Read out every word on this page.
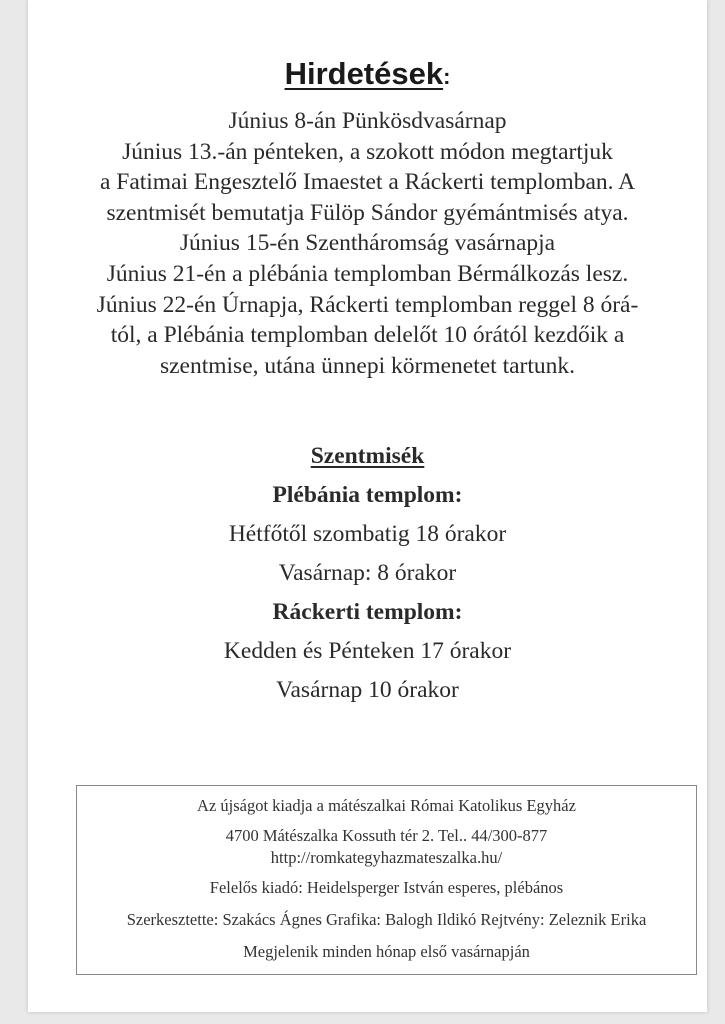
Hirdetések:
Június 8-án Pünkösdvasárnap
Június 13.-án pénteken, a szokott módon megtartjuk
a Fatimai Engesztelő Imaestet a Ráckerti templomban. A
szentmisét bemutatja Fülöp Sándor gyémántmisés atya.
Június 15-én Szentháromság vasárnapja
Június 21-én a plébánia templomban Bérmálkozás lesz.
Június 22-én Úrnapja, Ráckerti templomban reggel 8 órá-
tól, a Plébánia templomban delelőt 10 órától kezdőik a
szentmise, utána ünnepi körmenetet tartunk.
Szentmisék
Plébánia templom:
Hétfőtől szombatig 18 órakor
Vasárnap: 8 órakor
Ráckerti templom:
Kedden és Pénteken 17 órakor
Vasárnap 10 órakor
Az újságot kiadja a mátészalkai Római Katolikus Egyház
4700 Mátészalka Kossuth tér 2. Tel.. 44/300-877
http://romkategyhazmateszalka.hu/
Felelős kiadó: Heidelsperger István esperes, plébános
Szerkesztette: Szakács Ágnes Grafika: Balogh Ildikó Rejtvény: Zeleznik Erika
Megjelenik minden hónap első vasárnapján
